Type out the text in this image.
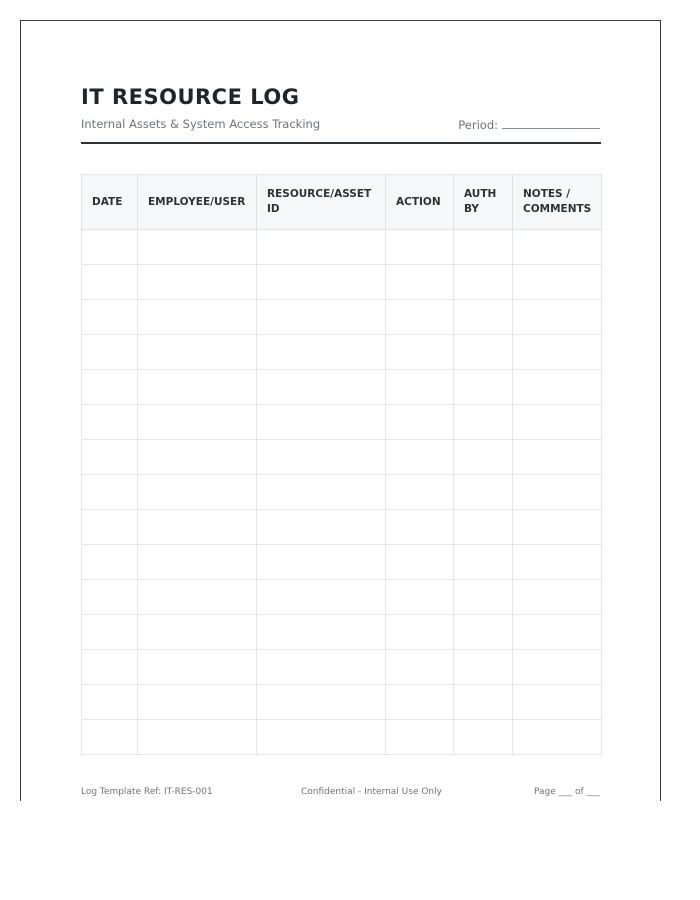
IT RESOURCE LOG
Internal Assets & System Access Tracking	Period:
DATE	EMPLOYEE/USER	RESOURCE/ASSET ID	ACTION	AUTH BY	NOTES / COMMENTS

Log Template Ref: IT-RES-001	Confidential - Internal Use Only	Page ___ of ___
